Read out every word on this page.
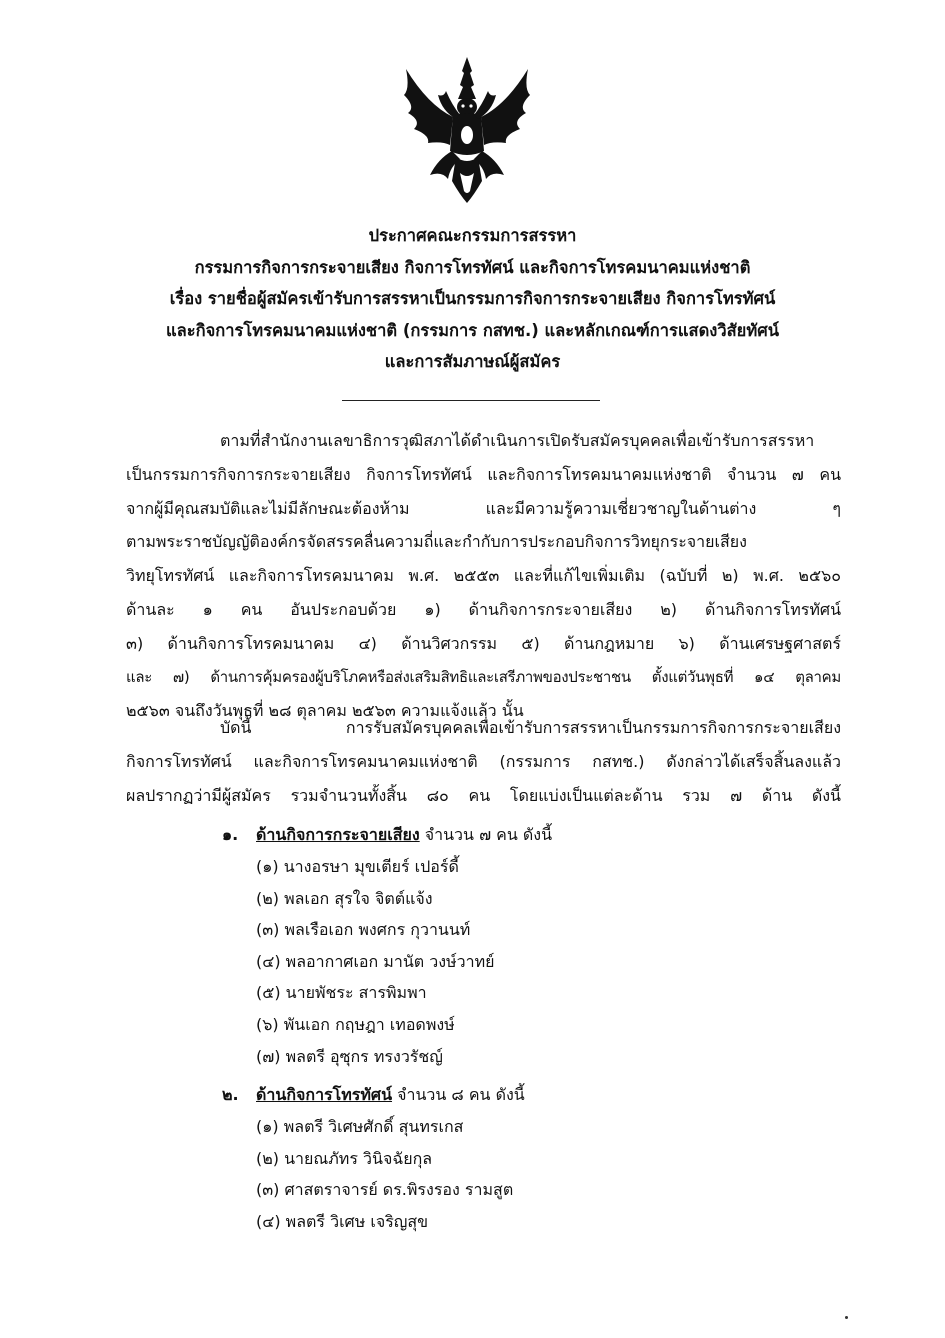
ประกาศคณะกรรมการสรรหา
กรรมการกิจการกระจายเสียง กิจการโทรทัศน์ และกิจการโทรคมนาคมแห่งชาติ
เรื่อง รายชื่อผู้สมัครเข้ารับการสรรหาเป็นกรรมการกิจการกระจายเสียง กิจการโทรทัศน์
และกิจการโทรคมนาคมแห่งชาติ (กรรมการ กสทช.) และหลักเกณฑ์การแสดงวิสัยทัศน์
และการสัมภาษณ์ผู้สมัคร
ตามที่สำนักงานเลขาธิการวุฒิสภาได้ดำเนินการเปิดรับสมัครบุคคลเพื่อเข้ารับการสรรหา
เป็นกรรมการกิจการกระจายเสียง กิจการโทรทัศน์ และกิจการโทรคมนาคมแห่งชาติ จำนวน ๗ คน
จากผู้มีคุณสมบัติและไม่มีลักษณะต้องห้าม และมีความรู้ความเชี่ยวชาญในด้านต่าง ๆ
ตามพระราชบัญญัติองค์กรจัดสรรคลื่นความถี่และกำกับการประกอบกิจการวิทยุกระจายเสียง
วิทยุโทรทัศน์ และกิจการโทรคมนาคม พ.ศ. ๒๕๕๓ และที่แก้ไขเพิ่มเติม (ฉบับที่ ๒) พ.ศ. ๒๕๖๐
ด้านละ ๑ คน อันประกอบด้วย ๑) ด้านกิจการกระจายเสียง ๒) ด้านกิจการโทรทัศน์
๓) ด้านกิจการโทรคมนาคม ๔) ด้านวิศวกรรม ๕) ด้านกฎหมาย ๖) ด้านเศรษฐศาสตร์
และ ๗) ด้านการคุ้มครองผู้บริโภคหรือส่งเสริมสิทธิและเสรีภาพของประชาชน ตั้งแต่วันพุธที่ ๑๔ ตุลาคม
๒๕๖๓ จนถึงวันพุธที่ ๒๘ ตุลาคม ๒๕๖๓ ความแจ้งแล้ว นั้น
บัดนี้ การรับสมัครบุคคลเพื่อเข้ารับการสรรหาเป็นกรรมการกิจการกระจายเสียง
กิจการโทรทัศน์ และกิจการโทรคมนาคมแห่งชาติ (กรรมการ กสทช.) ดังกล่าวได้เสร็จสิ้นลงแล้ว
ผลปรากฏว่ามีผู้สมัคร รวมจำนวนทั้งสิ้น ๘๐ คน โดยแบ่งเป็นแต่ละด้าน รวม ๗ ด้าน ดังนี้
๑. ด้านกิจการกระจายเสียง จำนวน ๗ คน ดังนี้
(๑) นางอรษา มุขเตียร์ เปอร์ดี้
(๒) พลเอก สุรใจ จิตต์แจ้ง
(๓) พลเรือเอก พงศกร กุวานนท์
(๔) พลอากาศเอก มานัต วงษ์วาทย์
(๕) นายพัชระ สารพิมพา
(๖) พันเอก กฤษฎา เทอดพงษ์
(๗) พลตรี อุซุกร ทรงวรัชญ์
๒. ด้านกิจการโทรทัศน์ จำนวน ๘ คน ดังนี้
(๑) พลตรี วิเศษศักดิ์ สุนทรเกส
(๒) นายณภัทร วินิจฉัยกุล
(๓) ศาสตราจารย์ ดร.พิรงรอง รามสูต
(๔) พลตรี วิเศษ เจริญสุข
